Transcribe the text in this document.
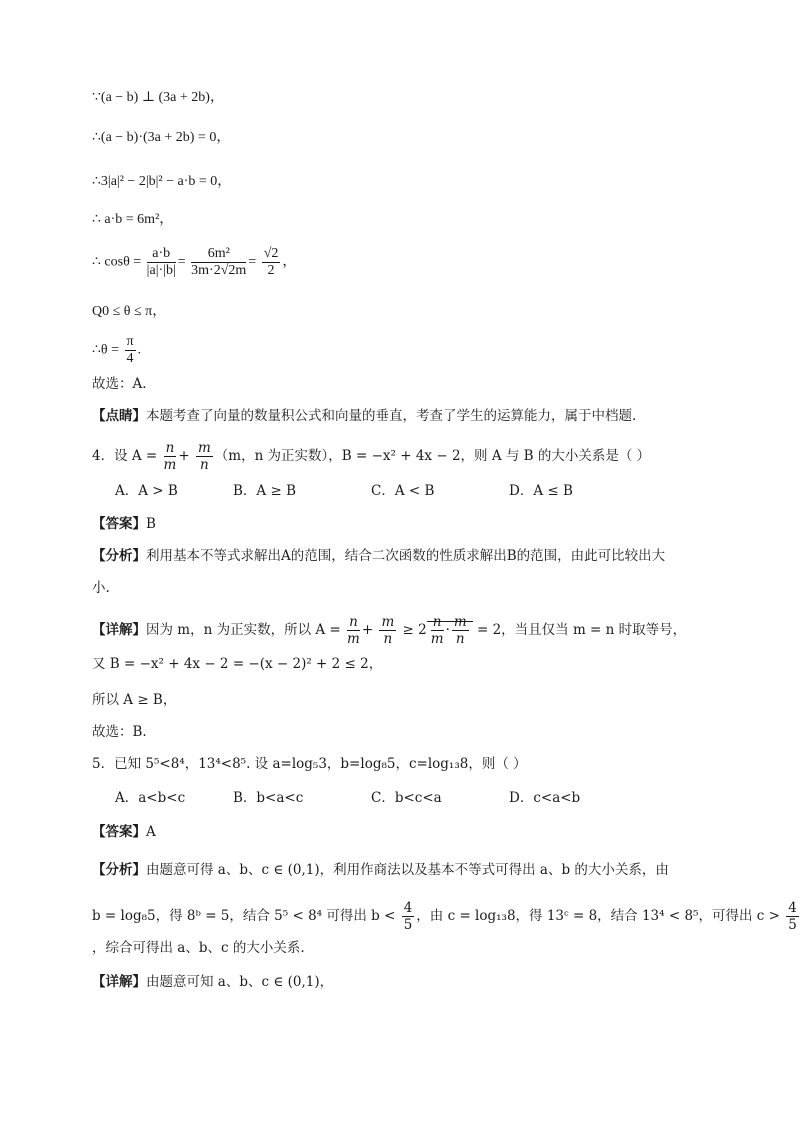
∵(a − b) ⊥ (3a + 2b)，
∴(a − b)·(3a + 2b) = 0，
∴3|a|² − 2|b|² − a·b = 0，
∴ a·b = 6m²，
∴ $\cos\theta = \frac{a\cdot b}{|a|\cdot|b|} = \frac{\text{6m²}}{3m\cdot 2√2m} = \frac{√2}{2}$ ，
Q0 ≤ θ ≤ π，
∴θ = $\frac{\pi}{4}$ .
故选：A.
【点睛】本题考查了向量的数量积公式和向量的垂直，考查了学生的运算能力，属于中档题.
4．设 $A = \frac{n}{m} + \frac{m}{n} (m$，n 为正实数），B = −x² + 4x − 2，则 A 与 B 的大小关系是（ ）
A．A > B	B．A ≥ B	C．A < B	D．A ≤ B
【答案】B
【分析】利用基本不等式求解出A的范围，结合二次函数的性质求解出B的范围，由此可比较出大
小.
【详解】因为 m，n 为正实数，所以 $A = \frac{n}{m} + \frac{m}{n} \ge 2 \frac{n}{m} \cdot \frac{m}{n} = 2$，当且仅当 m = n 时取等号，
又 B = −x² + 4x − 2 = −(x − 2)² + 2 ≤ 2，
所以 A ≥ B，
故选：B.
5．已知 5⁵<8⁴，13⁴<8⁵. 设 a=log₅3，b=log₈5，c=log₁₃8，则（ ）
A．a<b<c	B．b<a<c	C．b<c<a	D．c<a<b
【答案】A
【分析】由题意可得 a、b、c ∈ (0,1)，利用作商法以及基本不等式可得出 a、b 的大小关系，由
b = log₈5，得 8ᵇ = 5，结合 5⁵ < 8⁴ 可得出 $b < \frac{4}{5}$ ，由 c = log₁₃8，得 13ᶜ = 8，结合 13⁴ < 8⁵，可得出 $c > \frac{4}{5}$
，综合可得出 a、b、c 的大小关系.
【详解】由题意可知 a、b、c ∈ (0,1)，
